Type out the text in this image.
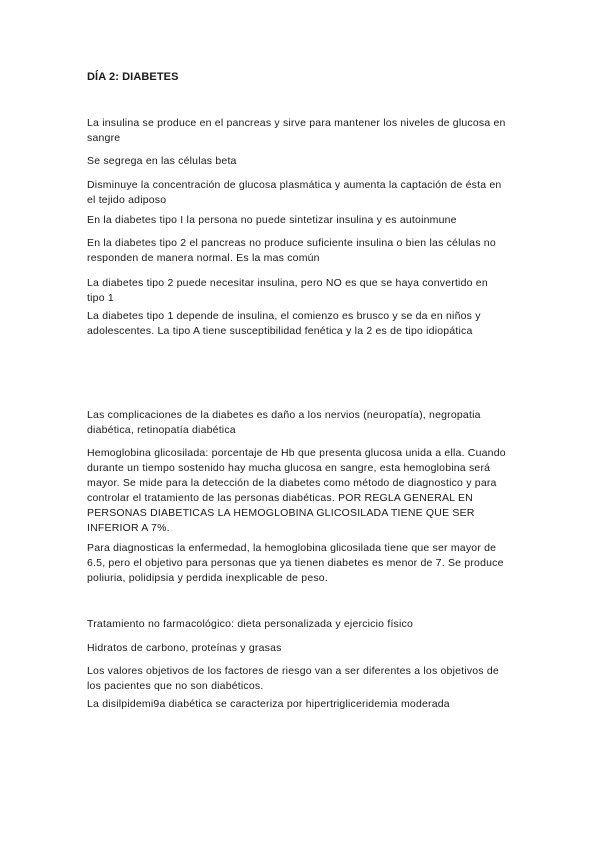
DÍA 2: DIABETES

La insulina se produce en el pancreas y sirve para mantener los niveles de glucosa en sangre

Se segrega en las células beta

Disminuye la concentración de glucosa plasmática y aumenta la captación de ésta en el tejido adiposo

En la diabetes tipo I la persona no puede sintetizar insulina y es autoinmune

En la diabetes tipo 2 el pancreas no produce suficiente insulina o bien las células no responden de manera normal. Es la mas común

La diabetes tipo 2 puede necesitar insulina, pero NO es que se haya convertido en tipo 1

La diabetes tipo 1 depende de insulina, el comienzo es brusco y se da en niños y adolescentes. La tipo A tiene susceptibilidad fenética y la 2 es de tipo idiopática

Las complicaciones de la diabetes es daño a los nervios (neuropatía), negropatia diabética, retinopatía diabética

Hemoglobina glicosilada: porcentaje de Hb que presenta glucosa unida a ella. Cuando durante un tiempo sostenido hay mucha glucosa en sangre, esta hemoglobina será mayor. Se mide para la detección de la diabetes como método de diagnostico y para controlar el tratamiento de las personas diabéticas. POR REGLA GENERAL EN PERSONAS DIABETICAS LA HEMOGLOBINA GLICOSILADA TIENE QUE SER INFERIOR A 7%.

Para diagnosticas la enfermedad, la hemoglobina glicosilada tiene que ser mayor de 6.5, pero el objetivo para personas que ya tienen diabetes es menor de 7. Se produce poliuria, polidipsia y perdida inexplicable de peso.

Tratamiento no farmacológico: dieta personalizada y ejercicio físico

Hidratos de carbono, proteínas y grasas

Los valores objetivos de los factores de riesgo van a ser diferentes a los objetivos de los pacientes que no son diabéticos.

La disilpidemi9a diabética se caracteriza por hipertrigliceridemia moderada
